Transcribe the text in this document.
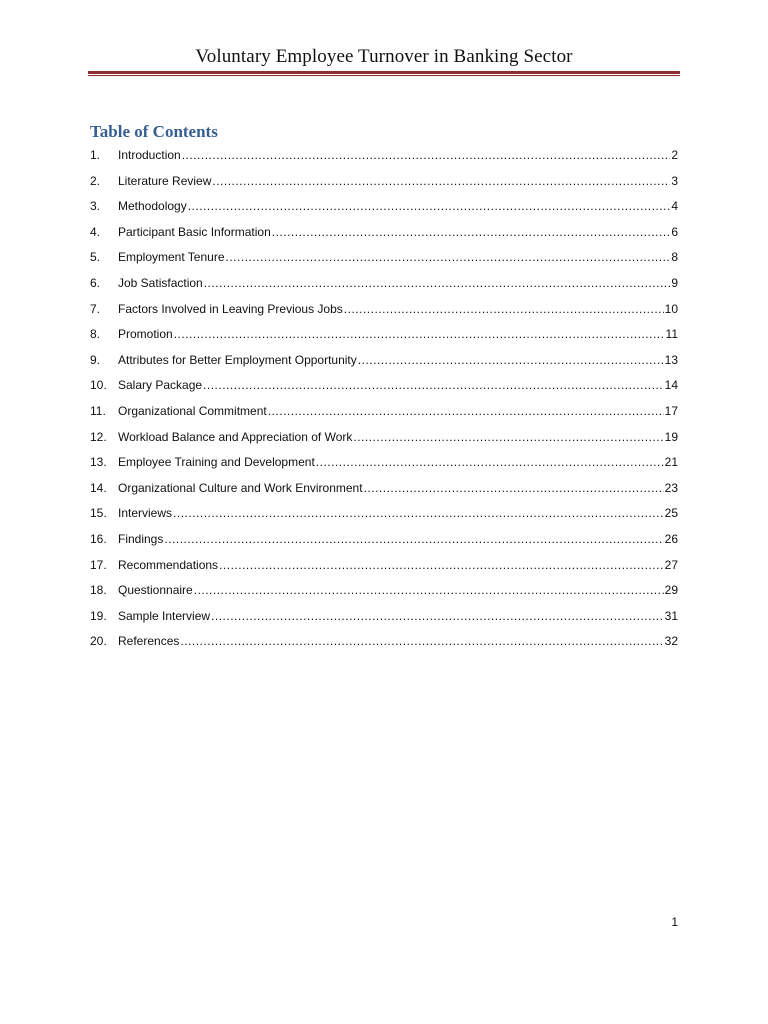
Voluntary Employee Turnover in Banking Sector
Table of Contents
1.	Introduction .....	2
2.	Literature Review .....	3
3.	Methodology .....	4
4.	Participant Basic Information .....	6
5.	Employment Tenure .....	8
6.	Job Satisfaction .....	9
7.	Factors Involved in Leaving Previous Jobs .....	10
8.	Promotion .....	11
9.	Attributes for Better Employment Opportunity .....	13
10. Salary Package .....	14
11.	Organizational Commitment .....	17
12. Workload Balance and Appreciation of Work .....	19
13. Employee Training and Development .....	21
14. Organizational Culture and Work Environment .....	23
15. Interviews .....	25
16. Findings .....	26
17. Recommendations .....	27
18. Questionnaire .....	29
19. Sample Interview .....	31
20. References .....	32
1
